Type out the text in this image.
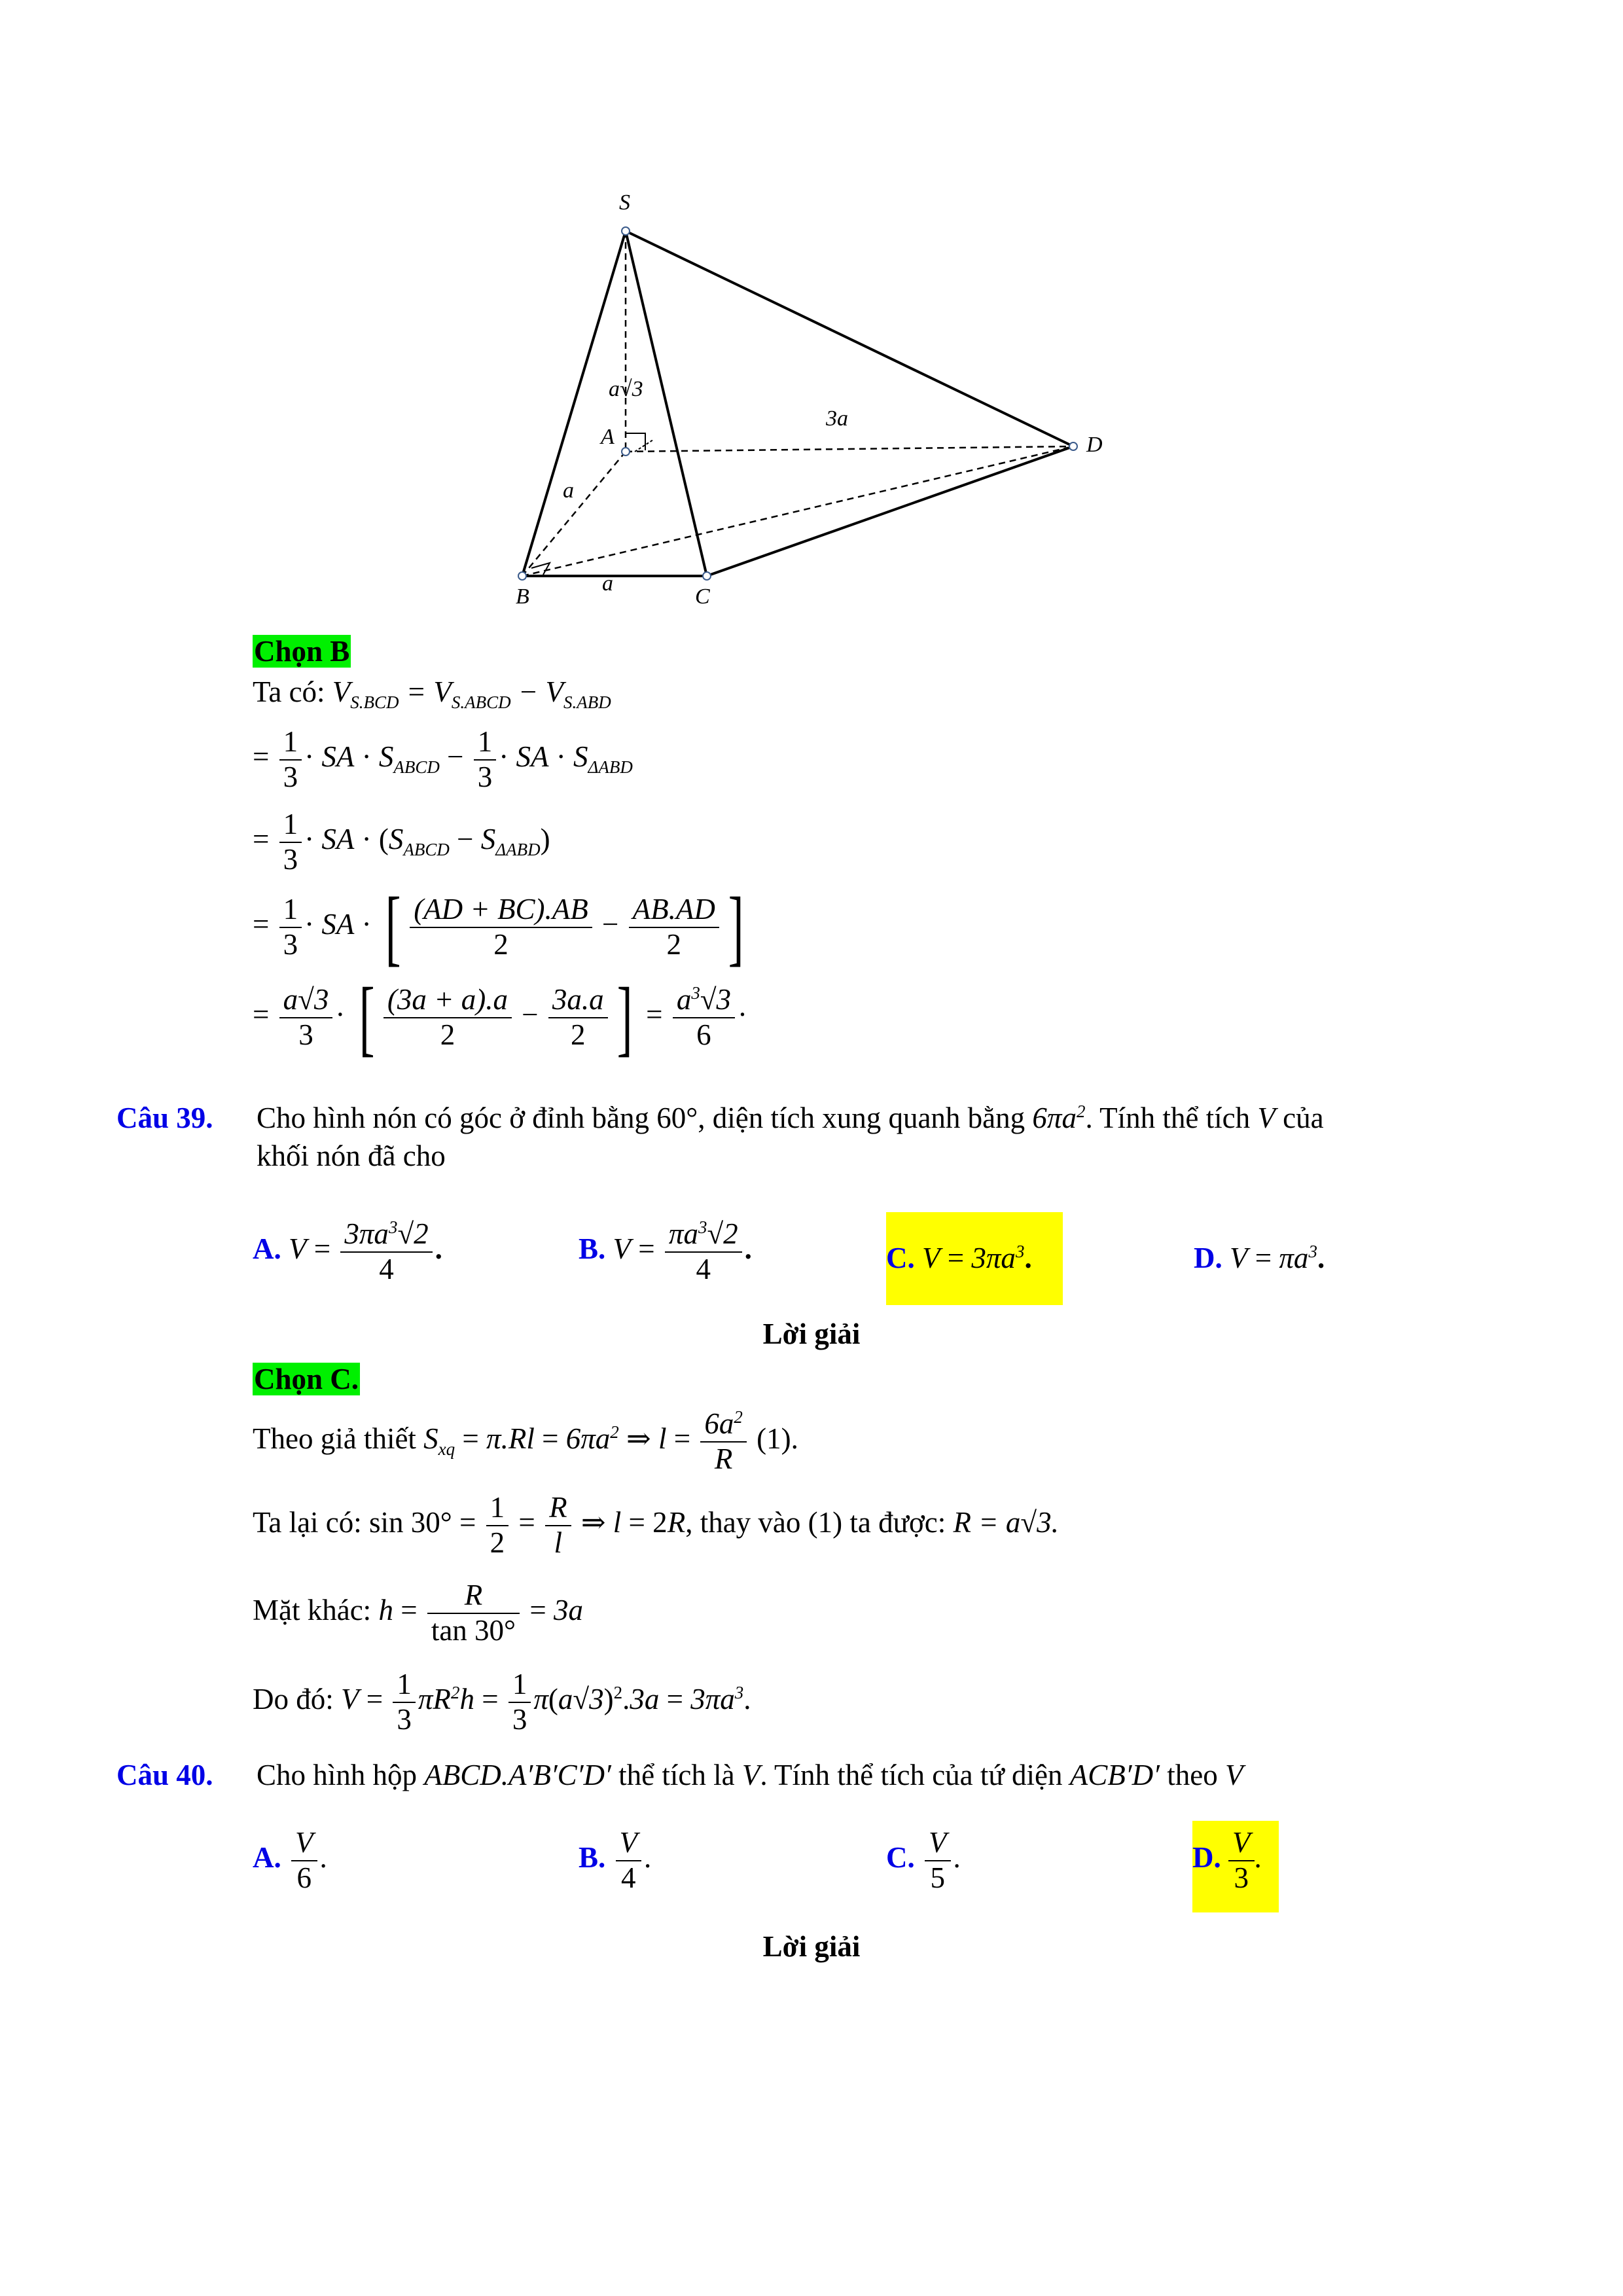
S
A
B	C
D
a√3
a
a
3a
Chọn B
Ta có: $V_{S.BCD} = V_{S.ABCD} - V_{S.ABD}$
= $\frac{1}{3}$ · SA · $S_{ABCD} - \frac{1}{3}$ · SA · $S_{\Delta ABD}$
= $\frac{1}{3}$ · SA · $(S_{ABCD} - S_{\Delta ABD})$
= $\frac{1}{3}$ · SA · [ $\frac{(AD + BC).AB}{2} - \frac{AB.AD}{2}$ ]
= $\frac{a√3}{3}$ · [ $\frac{(3a + a).a}{2} - \frac{3a.a}{2}$ ] = $\frac{a^3√3}{6}$ ·
Câu 39. Cho hình nón có góc ở đỉnh bằng 60°, diện tích xung quanh bằng $6\pi a^2$. Tính thể tích V của
khối nón đã cho
A. $V = \frac{3\pi a^3√2}{4}$ .	B. $V = \frac{\pi a^3√2}{4}$ .	C. $V = 3\pi a^3$.	D. $V = \pi a^3$.
Lời giải
Chọn C.
Theo giả thiết $S_{xq} = \pi.Rl = 6\pi a^2$ ⇒ $l = \frac{6a^2}{R} (1)$.
Ta lại có: $\sin 30^\circ = \frac{1}{2} = \frac{R}{l}$ ⇒ l = 2R, thay vào (1) ta được: R = a√3.
Mặt khác: $h = \frac{R}{\tan 30^\circ} = 3a$
Do đó: $V = \frac{1}{3} \pi R^2h = \frac{1}{3} \pi(a√3)^2.3a = 3\pi a^3$.
Câu 40. Cho hình hộp ABCD.A′B′C′D′ thể tích là V. Tính thể tích của tứ diện ACB′D′ theo V
A. $\frac{V}{6}$ .	B. $\frac{V}{4}$ .	C. $\frac{V}{5}$ .	D. $\frac{V}{3}$ .
Lời giải
